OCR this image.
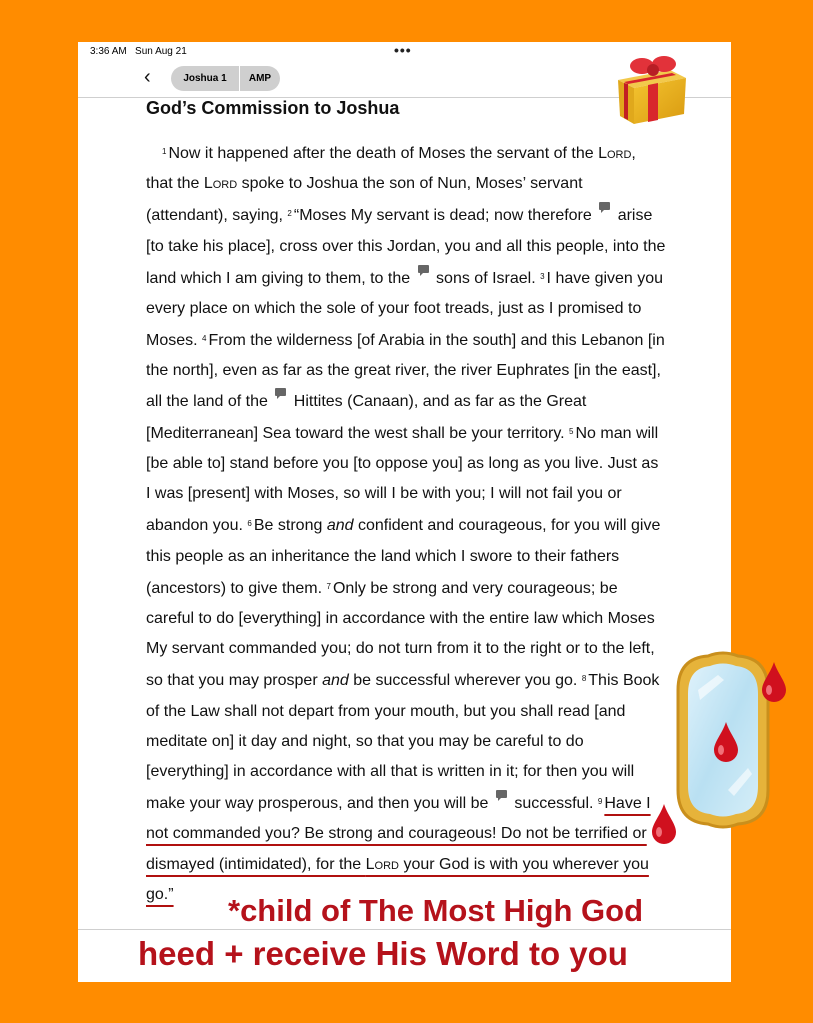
3:36 AM Sun Aug 21	•••
‹	Joshua 1	AMP
God’s Commission to Joshua
$^1$ Now it happened after the death of Moses the servant of the Lord, that the Lord spoke to Joshua the son of Nun, Moses’ servant (attendant), saying, $^2$ “Moses My servant is dead; now therefore arise [to take his place], cross over this Jordan, you and all this people, into the land which I am giving to them, to the sons of Israel. $^3$ I have given you every place on which the sole of your foot treads, just as I promised to Moses. $^4$ From the wilderness [of Arabia in the south] and this Lebanon [in the north], even as far as the great river, the river Euphrates [in the east], all the land of the Hittites (Canaan), and as far as the Great [Mediterranean] Sea toward the west shall be your territory. $^5$ No man will [be able to] stand before you [to oppose you] as long as you live. Just as I was [present] with Moses, so will I be with you; I will not fail you or abandon you. $^6$ Be strong and confident and courageous, for you will give this people as an inheritance the land which I swore to their fathers (ancestors) to give them. $^7$ Only be strong and very courageous; be careful to do [everything] in accordance with the entire law which Moses My servant commanded you; do not turn from it to the right or to the left, so that you may prosper and be successful wherever you go. $^8$ This Book of the Law shall not depart from your mouth, but you shall read [and meditate on] it day and night, so that you may be careful to do [everything] in accordance with all that is written in it; for then you will make your way prosperous, and then you will be successful. $^9$ Have I not commanded you? Be strong and courageous! Do not be terrified or dismayed (intimidated), for the Lord your God is with you wherever you go.”	*child of The Most High God
heed + receive His Word to you
